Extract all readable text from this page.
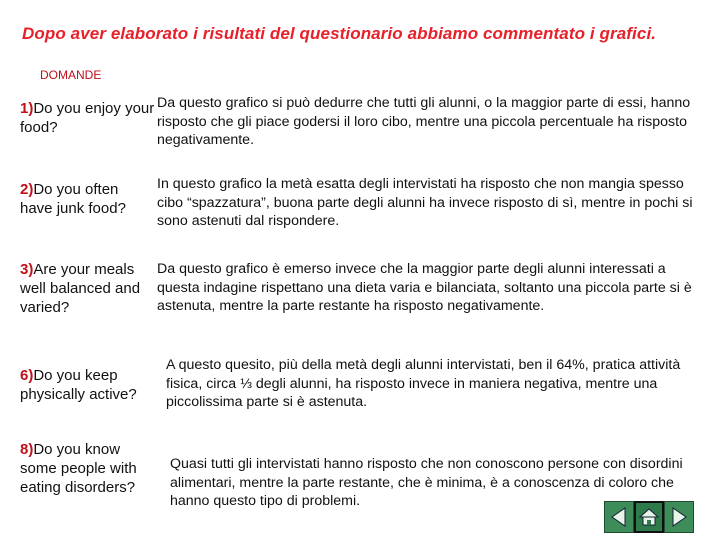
Dopo aver elaborato i risultati del questionario abbiamo commentato i grafici.
DOMANDE
1)Do you enjoy your food?
Da questo grafico si può dedurre che tutti gli alunni, o la maggior parte di essi, hanno risposto che gli piace godersi il loro cibo, mentre una piccola percentuale ha risposto negativamente.
2)Do you often have junk food?
In questo grafico la metà esatta degli intervistati ha risposto che non mangia spesso cibo “spazzatura”, buona parte degli alunni ha invece risposto di sì, mentre in pochi si sono astenuti dal rispondere.
3)Are your meals well balanced and varied?
Da questo grafico è emerso invece che la maggior parte degli alunni interessati a questa indagine rispettano una dieta varia e bilanciata, soltanto una piccola parte si è astenuta, mentre la parte restante ha risposto negativamente.
6)Do you keep physically active?
A questo quesito, più della metà degli alunni intervistati, ben il 64%, pratica attività fisica, circa ⅓ degli alunni, ha risposto invece in maniera negativa, mentre una piccolissima parte si è astenuta.
8)Do you know some people with eating disorders?
Quasi tutti gli intervistati hanno risposto che non conoscono persone con disordini alimentari, mentre la parte restante, che è minima, è a conoscenza di coloro che hanno questo tipo di problemi.
